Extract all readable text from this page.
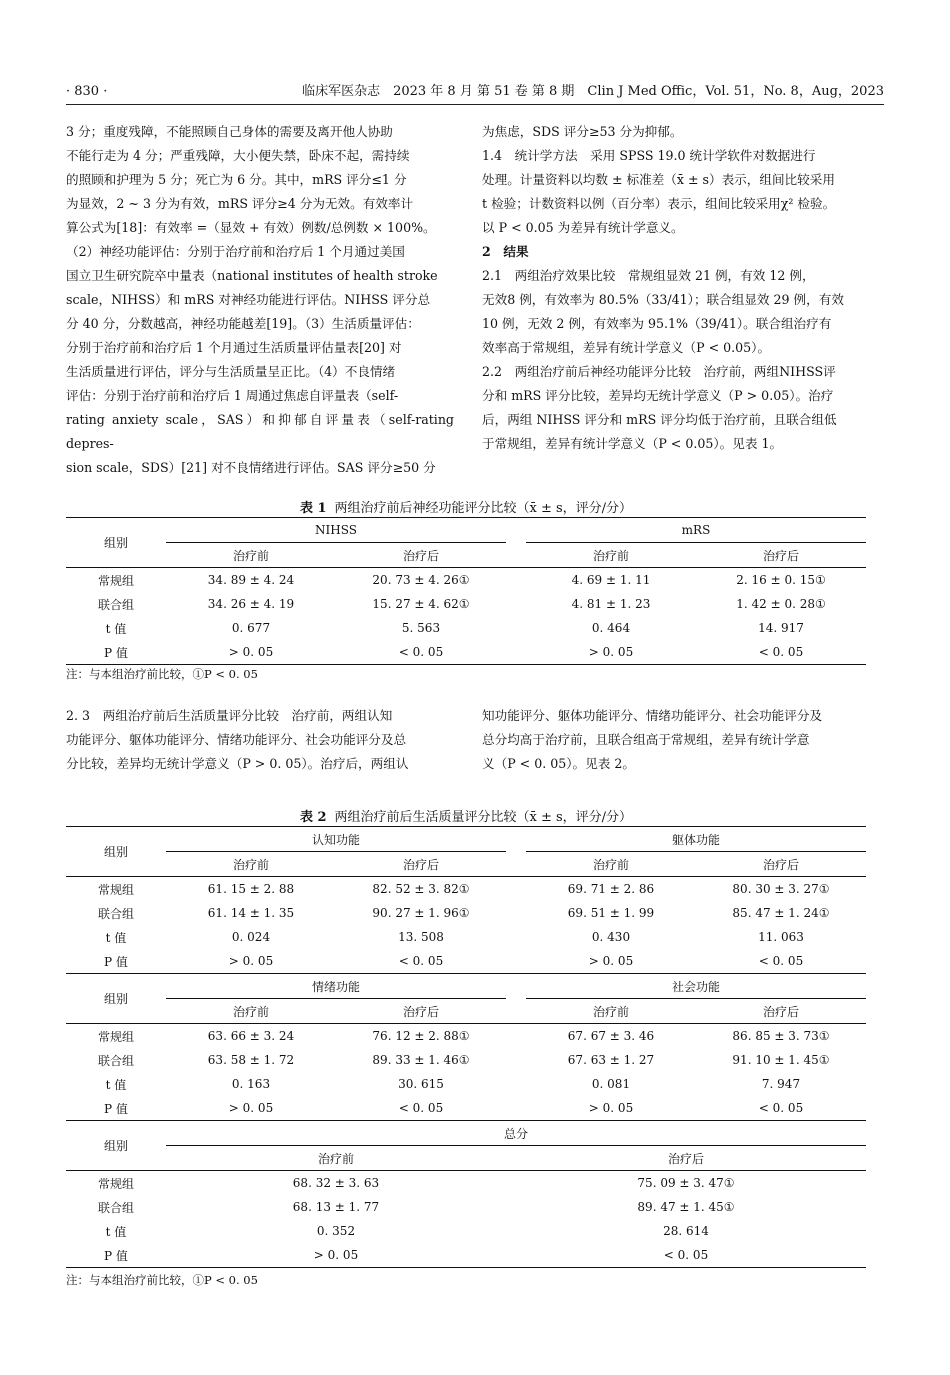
· 830 ·	临床军医杂志　2023 年 8 月 第 51 卷 第 8 期　Clin J Med Offic，Vol. 51，No. 8，Aug，2023

3 分；重度残障，不能照顾自己身体的需要及离开他人协助

不能行走为 4 分；严重残障，大小便失禁，卧床不起，需持续

的照顾和护理为 5 分；死亡为 6 分。其中，mRS 评分≤1 分

为显效，2 ~ 3 分为有效，mRS 评分≥4 分为无效。有效率计

算公式为[18]：有效率 =（显效 + 有效）例数/总例数 × 100%。

（2）神经功能评估：分别于治疗前和治疗后 1 个月通过美国

国立卫生研究院卒中量表（national institutes of health stroke

scale，NIHSS）和 mRS 对神经功能进行评估。NIHSS 评分总

分 40 分，分数越高，神经功能越差[19]。（3）生活质量评估：

分别于治疗前和治疗后 1 个月通过生活质量评估量表[20] 对

生活质量进行评估，评分与生活质量呈正比。（4）不良情绪

评估：分别于治疗前和治疗后 1 周通过焦虑自评量表（self-

rating anxiety scale，SAS）和抑郁自评量表（self-rating depres-

sion scale，SDS）[21] 对不良情绪进行评估。SAS 评分≥50 分

为焦虑，SDS 评分≥53 分为抑郁。

1.4　统计学方法　采用 SPSS 19.0 统计学软件对数据进行

处理。计量资料以均数 ± 标准差（x̄ ± s）表示，组间比较采用

t 检验；计数资料以例（百分率）表示，组间比较采用χ² 检验。

以 P < 0.05 为差异有统计学意义。

2　结果

2.1　两组治疗效果比较　常规组显效 21 例，有效 12 例，

无效8 例，有效率为 80.5%（33/41）；联合组显效 29 例，有效

10 例，无效 2 例，有效率为 95.1%（39/41）。联合组治疗有

效率高于常规组，差异有统计学意义（P < 0.05）。

2.2　两组治疗前后神经功能评分比较　治疗前，两组NIHSS评

分和 mRS 评分比较，差异均无统计学意义（P > 0.05）。治疗

后，两组 NIHSS 评分和 mRS 评分均低于治疗前，且联合组低

于常规组，差异有统计学意义（P < 0.05）。见表 1。

表 1 两组治疗前后神经功能评分比较（x̄ ± s，评分/分）
组别	NIHSS			mRS	
	治疗前	治疗后		治疗前	治疗后
常规组	34. 89 ± 4. 24	20. 73 ± 4. 26①		4. 69 ± 1. 11	2. 16 ± 0. 15①
联合组	34. 26 ± 4. 19	15. 27 ± 4. 62①		4. 81 ± 1. 23	1. 42 ± 0. 28①
t 值	0. 677	5. 563		0. 464	14. 917
P 值	> 0. 05	< 0. 05		> 0. 05	< 0. 05
注：与本组治疗前比较，①P < 0. 05

2. 3　两组治疗前后生活质量评分比较　治疗前，两组认知

功能评分、躯体功能评分、情绪功能评分、社会功能评分及总

分比较，差异均无统计学意义（P > 0. 05）。治疗后，两组认

知功能评分、躯体功能评分、情绪功能评分、社会功能评分及

总分均高于治疗前，且联合组高于常规组，差异有统计学意

义（P < 0. 05）。见表 2。

表 2 两组治疗前后生活质量评分比较（x̄ ± s，评分/分）
组别	认知功能			躯体功能	
	治疗前	治疗后		治疗前	治疗后
常规组	61. 15 ± 2. 88	82. 52 ± 3. 82①		69. 71 ± 2. 86	80. 30 ± 3. 27①
联合组	61. 14 ± 1. 35	90. 27 ± 1. 96①		69. 51 ± 1. 99	85. 47 ± 1. 24①
t 值	0. 024	13. 508		0. 430	11. 063
P 值	> 0. 05	< 0. 05		> 0. 05	< 0. 05
组别	情绪功能			社会功能	
	治疗前	治疗后		治疗前	治疗后
常规组	63. 66 ± 3. 24	76. 12 ± 2. 88①		67. 67 ± 3. 46	86. 85 ± 3. 73①
联合组	63. 58 ± 1. 72	89. 33 ± 1. 46①		67. 63 ± 1. 27	91. 10 ± 1. 45①
t 值	0. 163	30. 615		0. 081	7. 947
P 值	> 0. 05	< 0. 05		> 0. 05	< 0. 05
组别	总分				
	治疗前		治疗后		
常规组	68. 32 ± 3. 63		75. 09 ± 3. 47①		
联合组	68. 13 ± 1. 77		89. 47 ± 1. 45①		
t 值	0. 352		28. 614		
P 值	> 0. 05		< 0. 05		
注：与本组治疗前比较，①P < 0. 05
